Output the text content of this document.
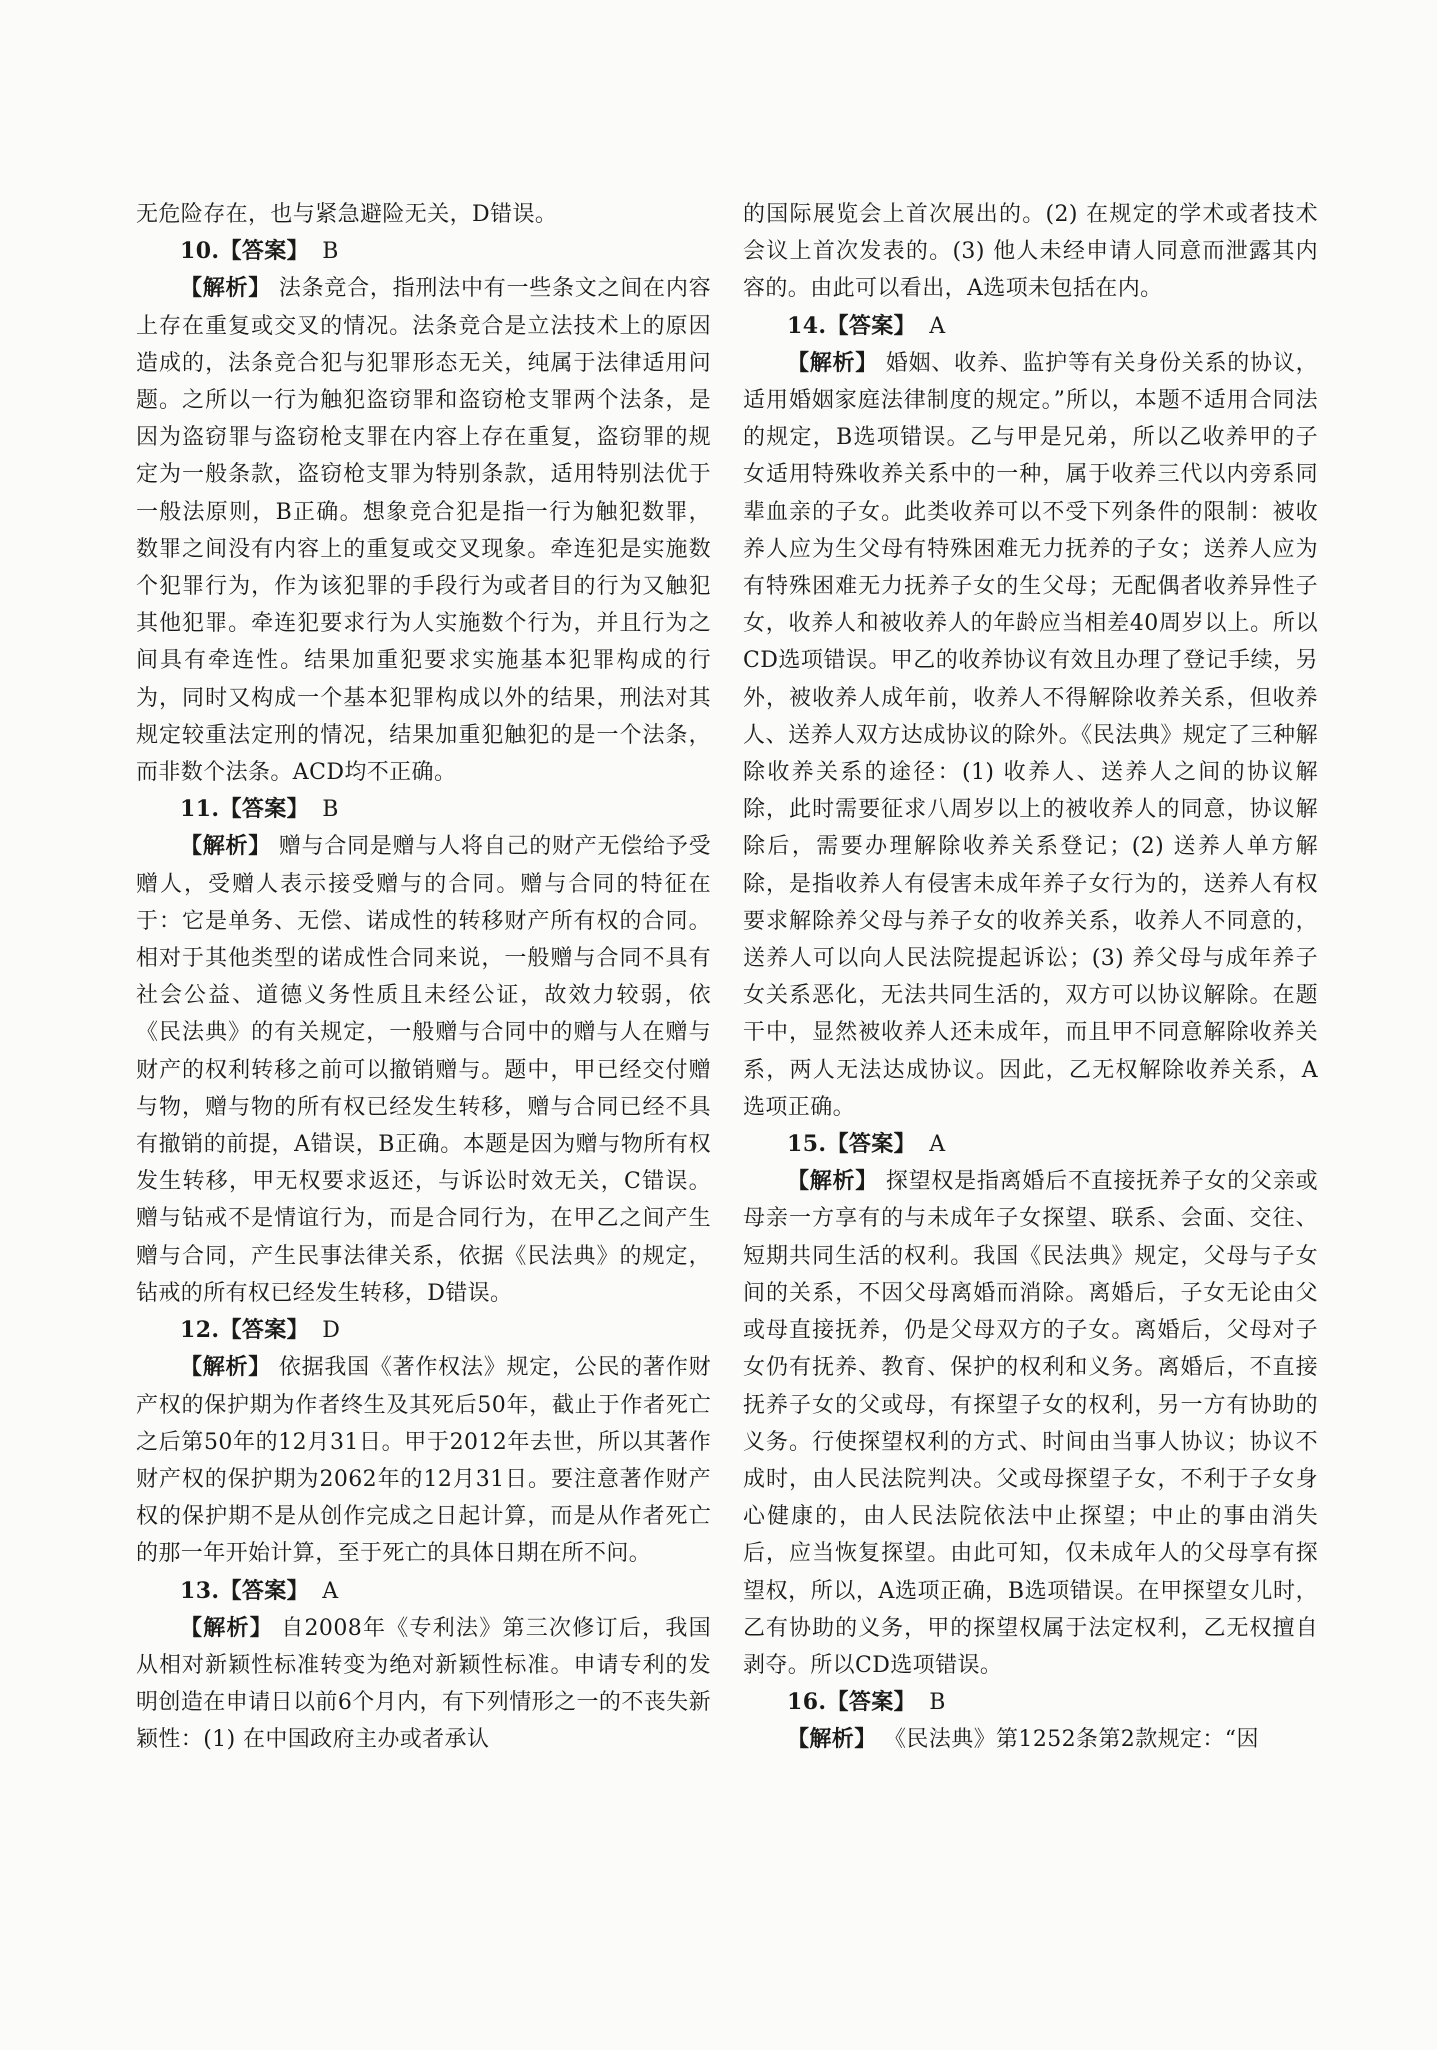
无危险存在，也与紧急避险无关，D错误。

10.【答案】 B

【解析】 法条竞合，指刑法中有一些条文之间在内容上存在重复或交叉的情况。法条竞合是立法技术上的原因造成的，法条竞合犯与犯罪形态无关，纯属于法律适用问题。之所以一行为触犯盗窃罪和盗窃枪支罪两个法条，是因为盗窃罪与盗窃枪支罪在内容上存在重复，盗窃罪的规定为一般条款，盗窃枪支罪为特别条款，适用特别法优于一般法原则，B正确。想象竞合犯是指一行为触犯数罪，数罪之间没有内容上的重复或交叉现象。牵连犯是实施数个犯罪行为，作为该犯罪的手段行为或者目的行为又触犯其他犯罪。牵连犯要求行为人实施数个行为，并且行为之间具有牵连性。结果加重犯要求实施基本犯罪构成的行为，同时又构成一个基本犯罪构成以外的结果，刑法对其规定较重法定刑的情况，结果加重犯触犯的是一个法条，而非数个法条。ACD均不正确。

11.【答案】 B

【解析】 赠与合同是赠与人将自己的财产无偿给予受赠人，受赠人表示接受赠与的合同。赠与合同的特征在于：它是单务、无偿、诺成性的转移财产所有权的合同。相对于其他类型的诺成性合同来说，一般赠与合同不具有社会公益、道德义务性质且未经公证，故效力较弱，依《民法典》的有关规定，一般赠与合同中的赠与人在赠与财产的权利转移之前可以撤销赠与。题中，甲已经交付赠与物，赠与物的所有权已经发生转移，赠与合同已经不具有撤销的前提，A错误，B正确。本题是因为赠与物所有权发生转移，甲无权要求返还，与诉讼时效无关，C错误。赠与钻戒不是情谊行为，而是合同行为，在甲乙之间产生赠与合同，产生民事法律关系，依据《民法典》的规定，钻戒的所有权已经发生转移，D错误。

12.【答案】 D

【解析】 依据我国《著作权法》规定，公民的著作财产权的保护期为作者终生及其死后50年，截止于作者死亡之后第50年的12月31日。甲于2012年去世，所以其著作财产权的保护期为2062年的12月31日。要注意著作财产权的保护期不是从创作完成之日起计算，而是从作者死亡的那一年开始计算，至于死亡的具体日期在所不问。

13.【答案】 A

【解析】 自2008年《专利法》第三次修订后，我国从相对新颖性标准转变为绝对新颖性标准。申请专利的发明创造在申请日以前6个月内，有下列情形之一的不丧失新颖性：(1) 在中国政府主办或者承认

的国际展览会上首次展出的。(2) 在规定的学术或者技术会议上首次发表的。(3) 他人未经申请人同意而泄露其内容的。由此可以看出，A选项未包括在内。

14.【答案】 A

【解析】 婚姻、收养、监护等有关身份关系的协议，适用婚姻家庭法律制度的规定。”所以，本题不适用合同法的规定，B选项错误。乙与甲是兄弟，所以乙收养甲的子女适用特殊收养关系中的一种，属于收养三代以内旁系同辈血亲的子女。此类收养可以不受下列条件的限制：被收养人应为生父母有特殊困难无力抚养的子女；送养人应为有特殊困难无力抚养子女的生父母；无配偶者收养异性子女，收养人和被收养人的年龄应当相差40周岁以上。所以CD选项错误。甲乙的收养协议有效且办理了登记手续，另外，被收养人成年前，收养人不得解除收养关系，但收养人、送养人双方达成协议的除外。《民法典》规定了三种解除收养关系的途径：(1) 收养人、送养人之间的协议解除，此时需要征求八周岁以上的被收养人的同意，协议解除后，需要办理解除收养关系登记；(2) 送养人单方解除，是指收养人有侵害未成年养子女行为的，送养人有权要求解除养父母与养子女的收养关系，收养人不同意的，送养人可以向人民法院提起诉讼；(3) 养父母与成年养子女关系恶化，无法共同生活的，双方可以协议解除。在题干中，显然被收养人还未成年，而且甲不同意解除收养关系，两人无法达成协议。因此，乙无权解除收养关系，A选项正确。

15.【答案】 A

【解析】 探望权是指离婚后不直接抚养子女的父亲或母亲一方享有的与未成年子女探望、联系、会面、交往、短期共同生活的权利。我国《民法典》规定，父母与子女间的关系，不因父母离婚而消除。离婚后，子女无论由父或母直接抚养，仍是父母双方的子女。离婚后，父母对子女仍有抚养、教育、保护的权利和义务。离婚后，不直接抚养子女的父或母，有探望子女的权利，另一方有协助的义务。行使探望权利的方式、时间由当事人协议；协议不成时，由人民法院判决。父或母探望子女，不利于子女身心健康的，由人民法院依法中止探望；中止的事由消失后，应当恢复探望。由此可知，仅未成年人的父母享有探望权，所以，A选项正确，B选项错误。在甲探望女儿时，乙有协助的义务，甲的探望权属于法定权利，乙无权擅自剥夺。所以CD选项错误。

16.【答案】 B

【解析】 《民法典》第1252条第2款规定：“因
